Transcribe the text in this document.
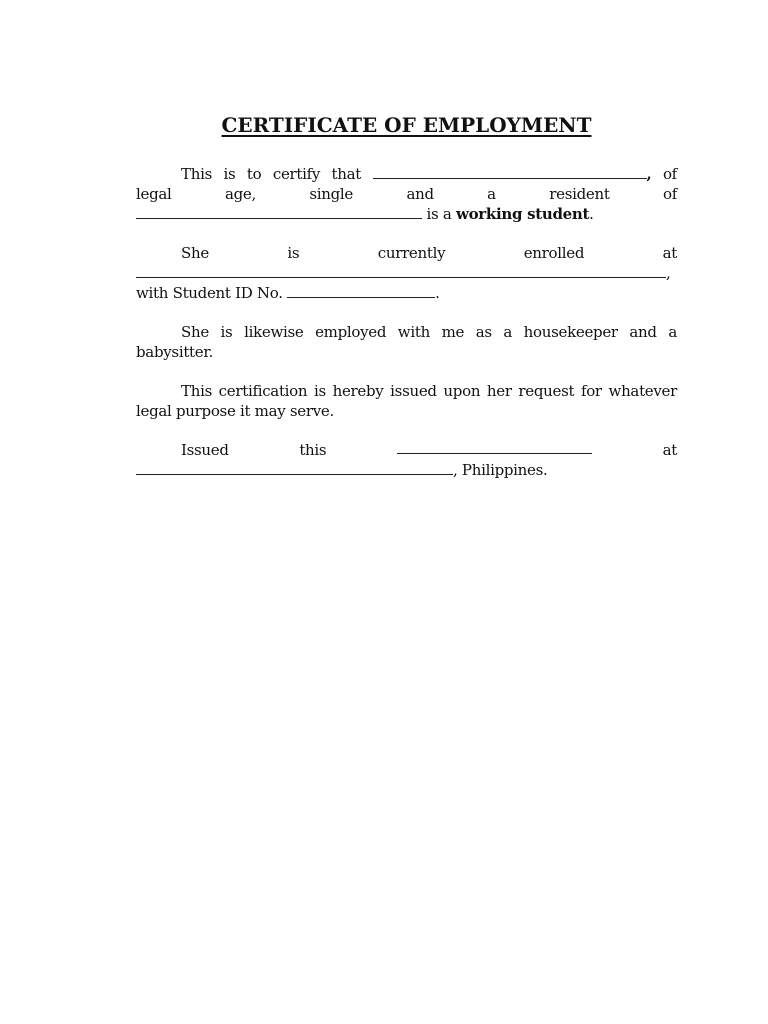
CERTIFICATE OF EMPLOYMENT
This is to certify that	, of
legal	age,	single	and	a	resident	of
is a working student.
She	is	currently	enrolled	at
,
with Student ID No.	.
She is likewise employed with me as a housekeeper and a babysitter.
This certification is hereby issued upon her request for whatever legal purpose it may serve.
Issued	this	at
, Philippines.
